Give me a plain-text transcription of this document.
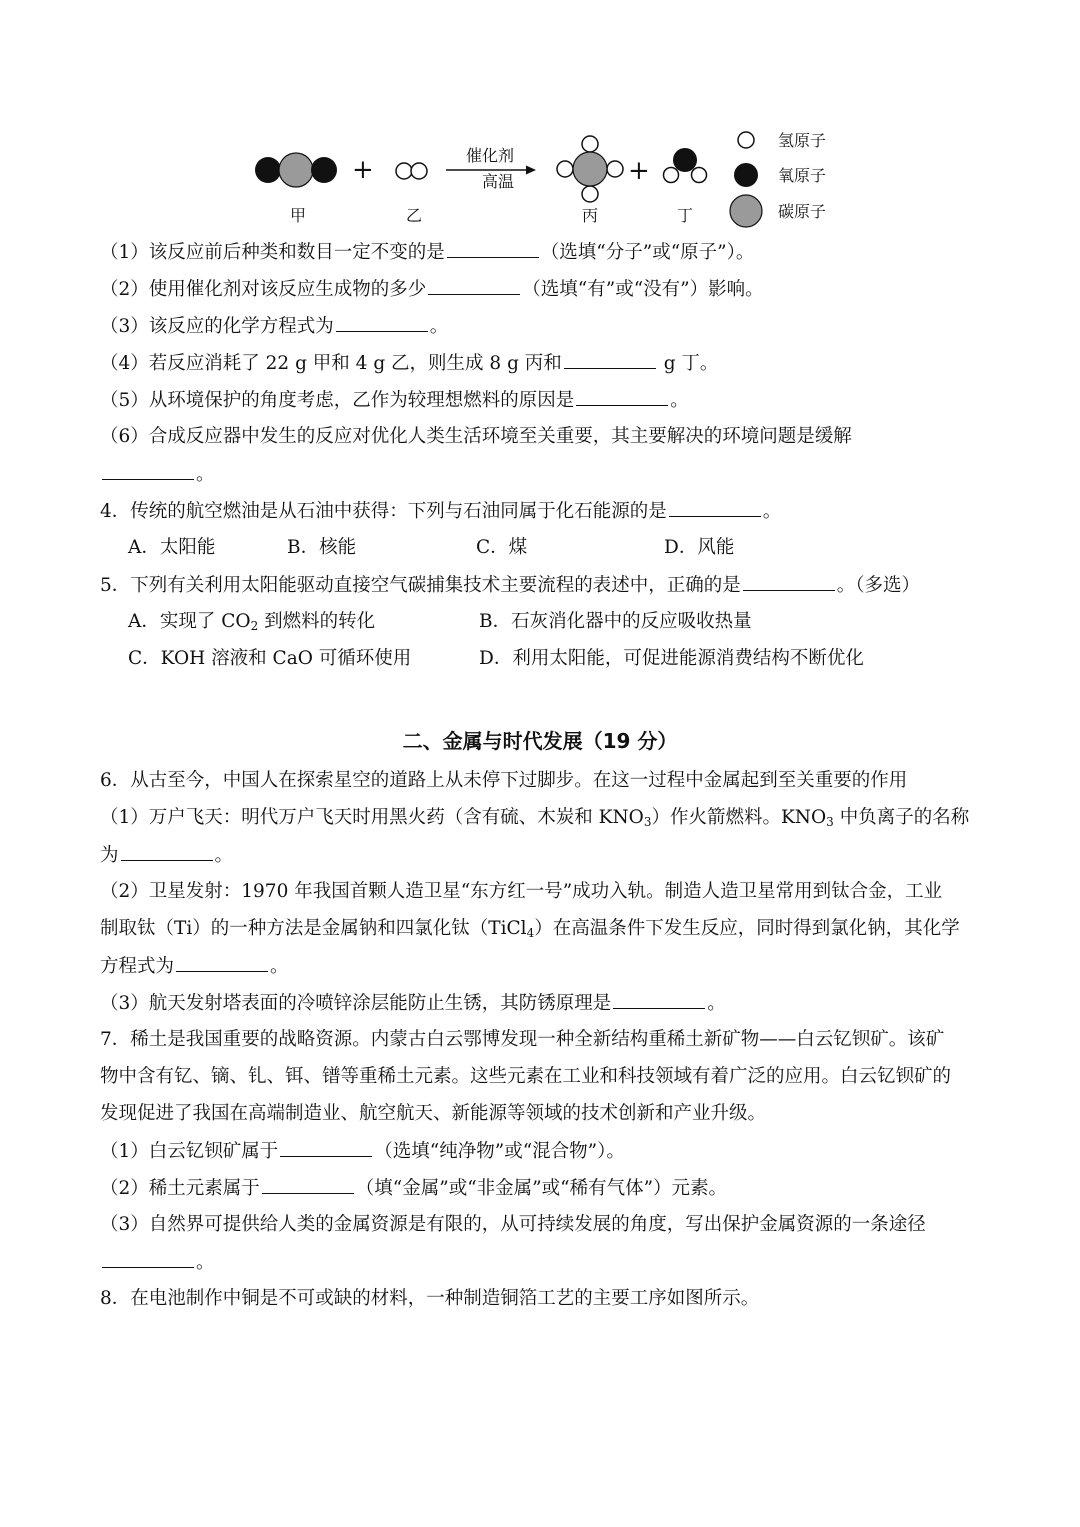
+	催化剂
高温	+
甲	乙	丙	丁
氢原子
氧原子
碳原子
（1）该反应前后种类和数目一定不变的是	（选填“分子”或“原子”）。
（2）使用催化剂对该反应生成物的多少	（选填“有”或“没有”）影响。
（3）该反应的化学方程式为	。
（4）若反应消耗了 22 g 甲和 4 g 乙，则生成 8 g 丙和	g 丁。
（5）从环境保护的角度考虑，乙作为较理想燃料的原因是	。
（6）合成反应器中发生的反应对优化人类生活环境至关重要，其主要解决的环境问题是缓解
。
4．传统的航空燃油是从石油中获得：下列与石油同属于化石能源的是	。
A．太阳能	B．核能	C．煤	D．风能
5．下列有关利用太阳能驱动直接空气碳捕集技术主要流程的表述中，正确的是	。（多选）
A．实现了 $CO_2$ 到燃料的转化	B．石灰消化器中的反应吸收热量
C．KOH 溶液和 CaO 可循环使用	D．利用太阳能，可促进能源消费结构不断优化
二、金属与时代发展（19 分）
6．从古至今，中国人在探索星空的道路上从未停下过脚步。在这一过程中金属起到至关重要的作用
（1）万户飞天：明代万户飞天时用黑火药（含有硫、木炭和 $KNO_3$）作火箭燃料。$KNO_3$ 中负离子的名称
为	。
（2）卫星发射：1970 年我国首颗人造卫星“东方红一号”成功入轨。制造人造卫星常用到钛合金，工业
制取钛（Ti）的一种方法是金属钠和四氯化钛（TiCl$_4$）在高温条件下发生反应，同时得到氯化钠，其化学
方程式为	。
（3）航天发射塔表面的冷喷锌涂层能防止生锈，其防锈原理是	。
7．稀土是我国重要的战略资源。内蒙古白云鄂博发现一种全新结构重稀土新矿物——白云钇钡矿。该矿
物中含有钇、镝、钆、铒、镨等重稀土元素。这些元素在工业和科技领域有着广泛的应用。白云钇钡矿的
发现促进了我国在高端制造业、航空航天、新能源等领域的技术创新和产业升级。
（1）白云钇钡矿属于	（选填“纯净物”或“混合物”）。
（2）稀土元素属于	（填“金属”或“非金属”或“稀有气体”）元素。
（3）自然界可提供给人类的金属资源是有限的，从可持续发展的角度，写出保护金属资源的一条途径
。
8．在电池制作中铜是不可或缺的材料，一种制造铜箔工艺的主要工序如图所示。
